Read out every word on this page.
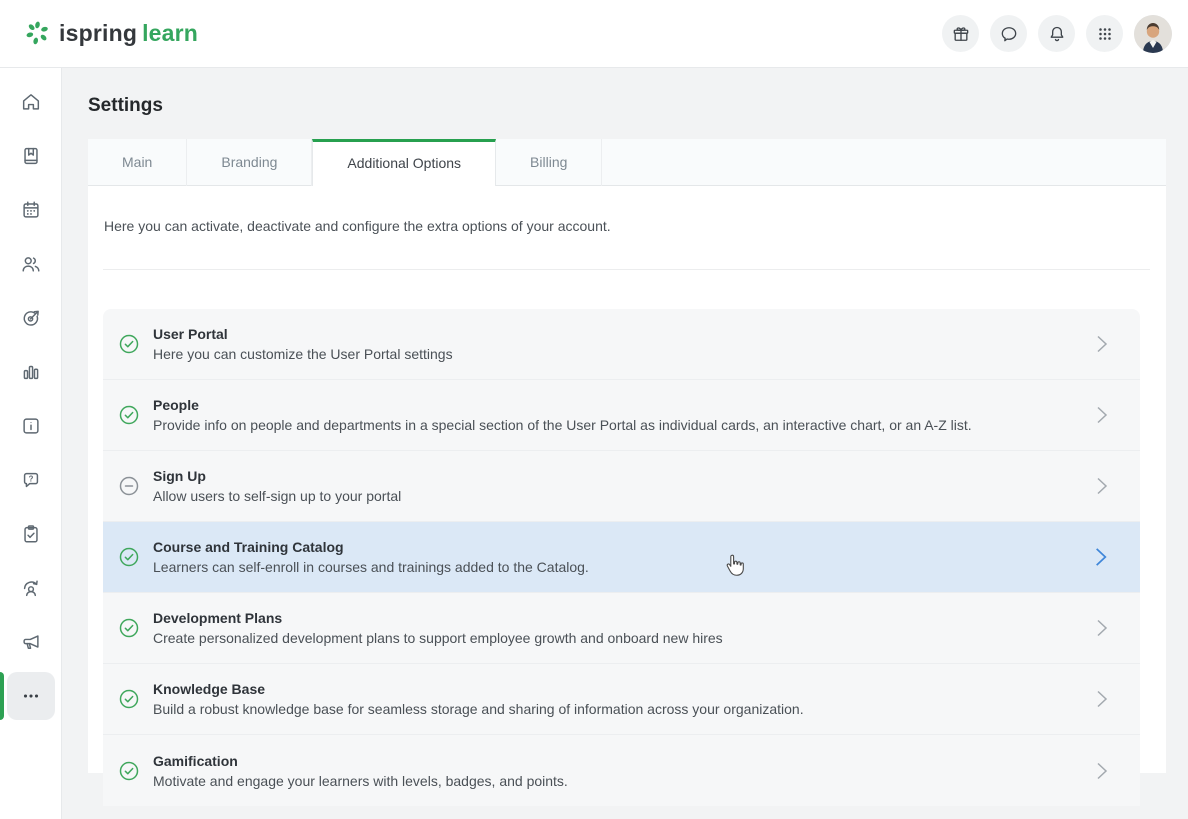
ispring learn
?
Settings
Main	Branding	Additional Options	Billing
Here you can activate, deactivate and configure the extra options of your account.
User Portal
Here you can customize the User Portal settings
People
Provide info on people and departments in a special section of the User Portal as individual cards, an interactive chart, or an A-Z list.
Sign Up
Allow users to self-sign up to your portal
Course and Training Catalog
Learners can self-enroll in courses and trainings added to the Catalog.
Development Plans
Create personalized development plans to support employee growth and onboard new hires
Knowledge Base
Build a robust knowledge base for seamless storage and sharing of information across your organization.
Gamification
Motivate and engage your learners with levels, badges, and points.
